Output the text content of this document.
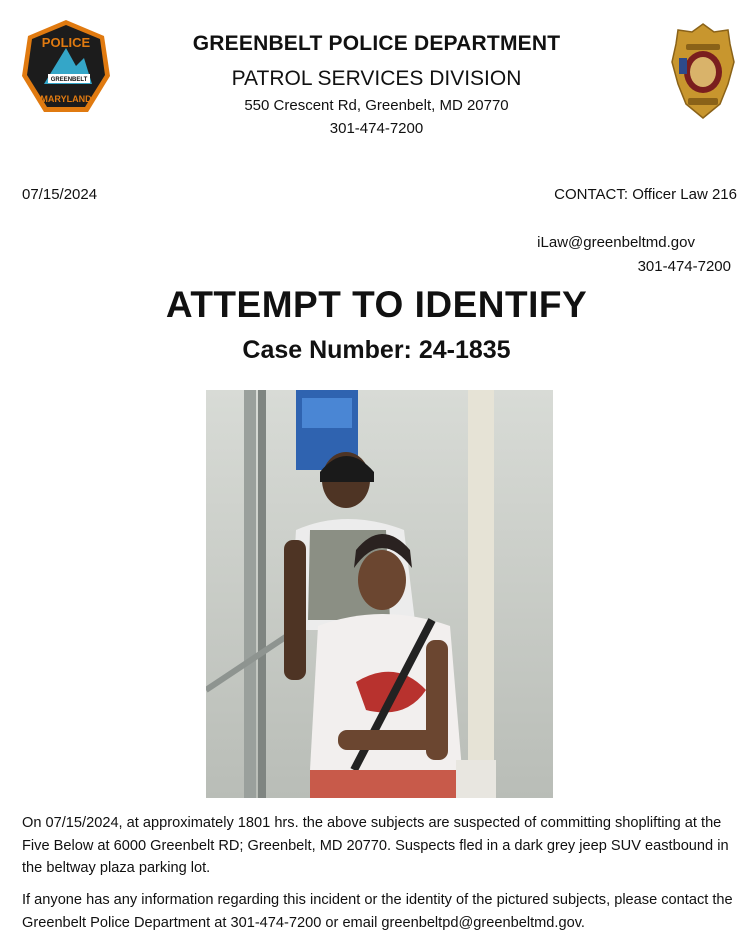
POLICE
GREENBELT
MARYLAND
GREENBELT POLICE DEPARTMENT
PATROL SERVICES DIVISION
550 Crescent Rd, Greenbelt, MD 20770
301-474-7200
07/15/2024	CONTACT: Officer Law 216
iLaw@greenbeltmd.gov
301-474-7200
ATTEMPT TO IDENTIFY
Case Number: 24-1835
On 07/15/2024, at approximately 1801 hrs. the above subjects are suspected of committing shoplifting at the Five Below at 6000 Greenbelt RD; Greenbelt, MD 20770. Suspects fled in a dark grey jeep SUV eastbound in the beltway plaza parking lot.
If anyone has any information regarding this incident or the identity of the pictured subjects, please contact the Greenbelt Police Department at 301-474-7200 or email greenbeltpd@greenbeltmd.gov.
